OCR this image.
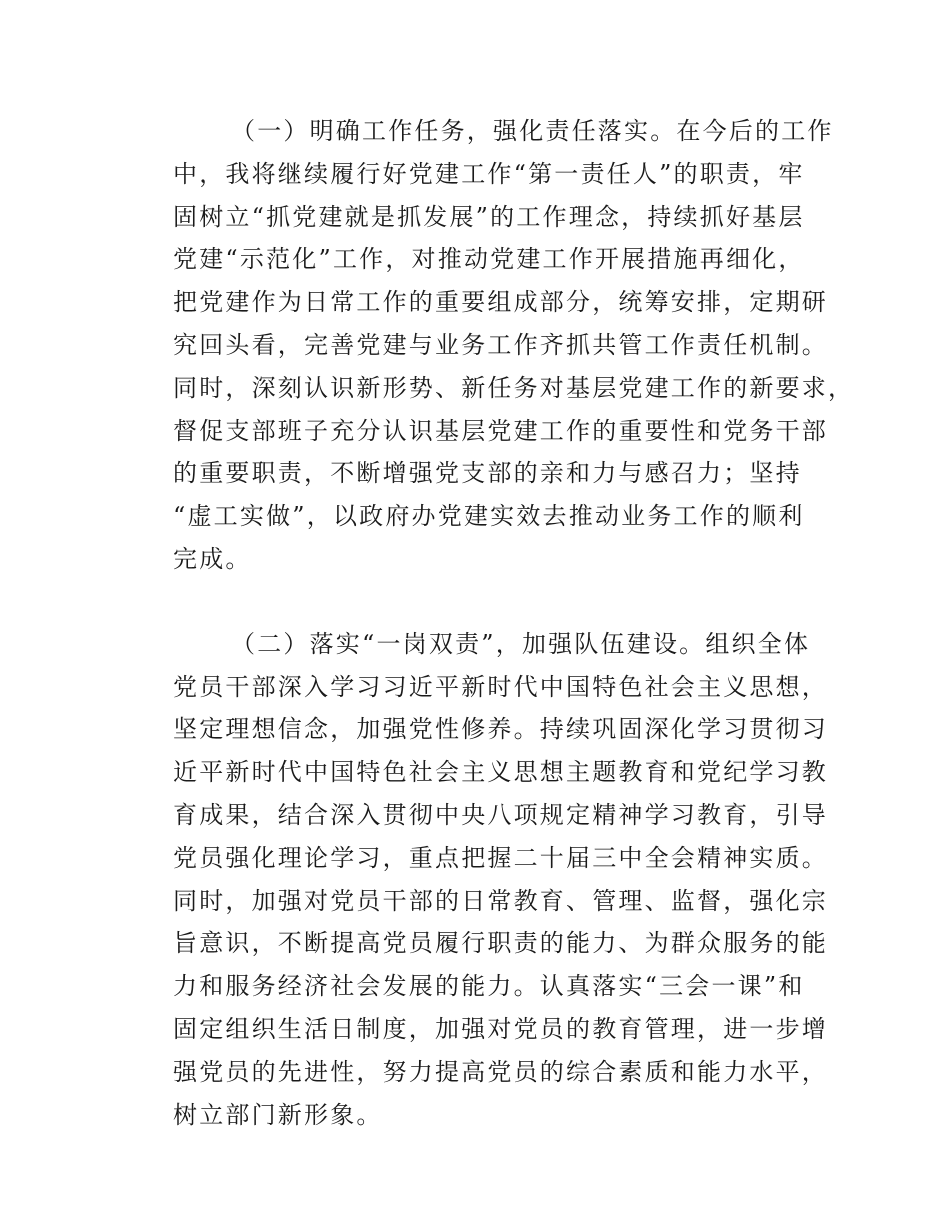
（一）明确工作任务，强化责任落实。在今后的工作
中，我将继续履行好党建工作“第一责任人”的职责，牢
固树立“抓党建就是抓发展”的工作理念，持续抓好基层
党建“示范化”工作，对推动党建工作开展措施再细化，
把党建作为日常工作的重要组成部分，统筹安排，定期研
究回头看，完善党建与业务工作齐抓共管工作责任机制。
同时，深刻认识新形势、新任务对基层党建工作的新要求，
督促支部班子充分认识基层党建工作的重要性和党务干部
的重要职责，不断增强党支部的亲和力与感召力；坚持
“虚工实做”，以政府办党建实效去推动业务工作的顺利
完成。
（二）落实“一岗双责”，加强队伍建设。组织全体
党员干部深入学习习近平新时代中国特色社会主义思想，
坚定理想信念，加强党性修养。持续巩固深化学习贯彻习
近平新时代中国特色社会主义思想主题教育和党纪学习教
育成果，结合深入贯彻中央八项规定精神学习教育，引导
党员强化理论学习，重点把握二十届三中全会精神实质。
同时，加强对党员干部的日常教育、管理、监督，强化宗
旨意识，不断提高党员履行职责的能力、为群众服务的能
力和服务经济社会发展的能力。认真落实“三会一课”和
固定组织生活日制度，加强对党员的教育管理，进一步增
强党员的先进性，努力提高党员的综合素质和能力水平，
树立部门新形象。
